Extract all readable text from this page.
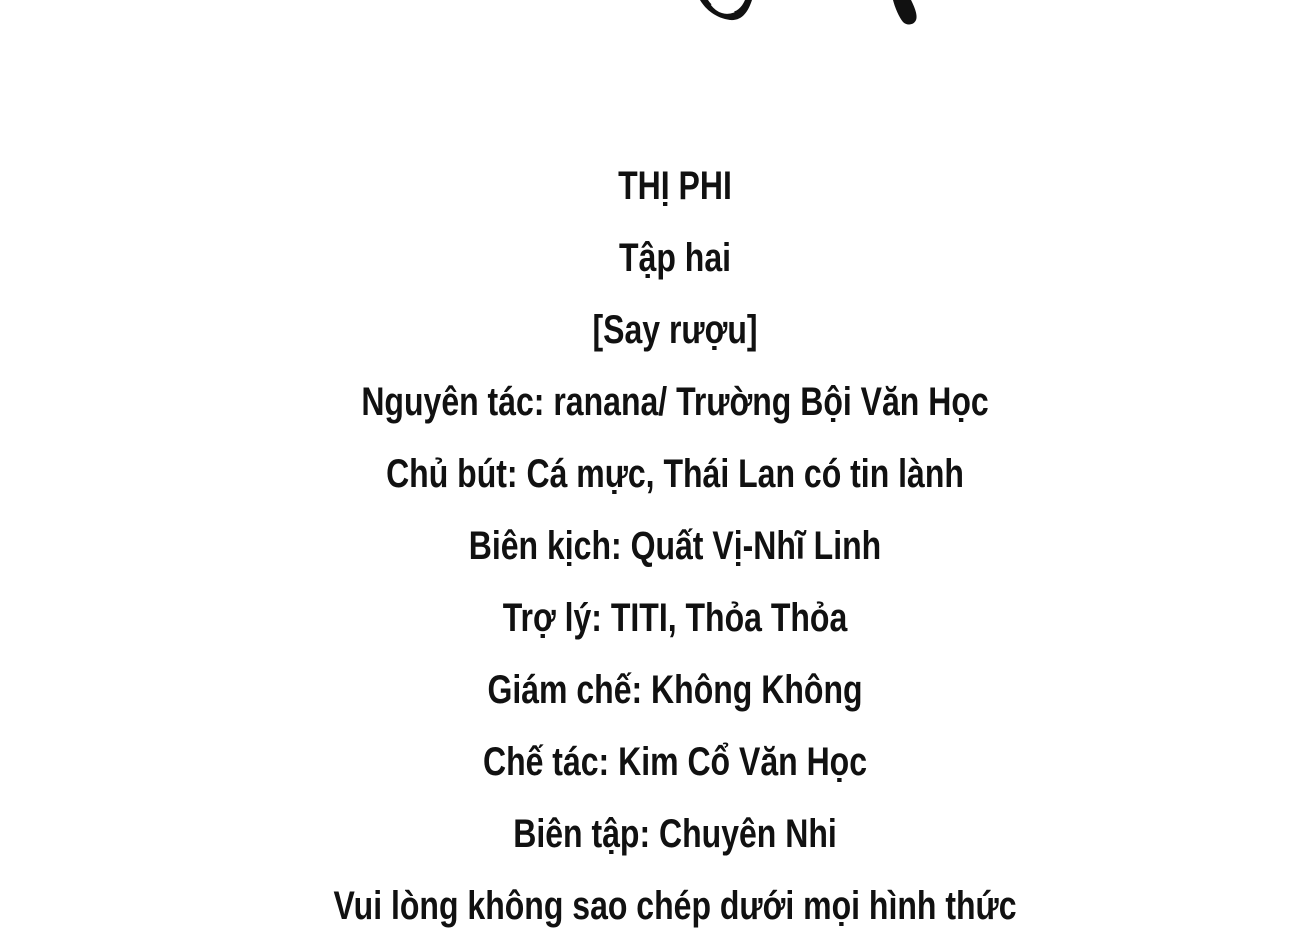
THỊ PHI
Tập hai
[Say rượu]
Nguyên tác: ranana/ Trường Bội Văn Học
Chủ bút: Cá mực, Thái Lan có tin lành
Biên kịch: Quất Vị-Nhĩ Linh
Trợ lý: TITI, Thỏa Thỏa
Giám chế: Không Không
Chế tác: Kim Cổ Văn Học
Biên tập: Chuyên Nhi
Vui lòng không sao chép dưới mọi hình thức
